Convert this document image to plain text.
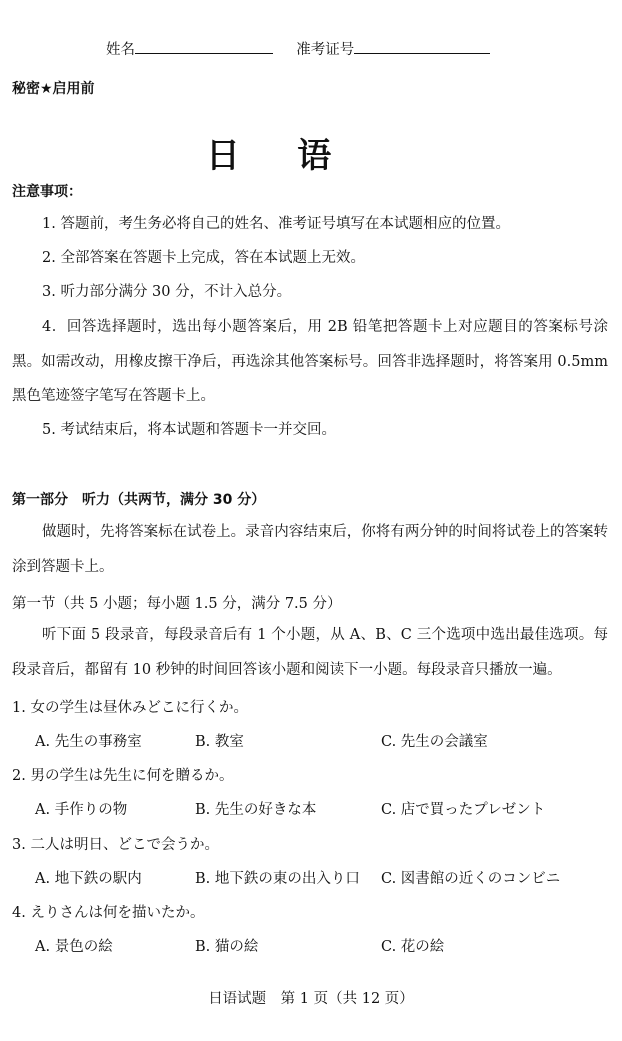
姓名	准考证号
秘密★启用前
日 语
注意事项：
1. 答题前，考生务必将自己的姓名、准考证号填写在本试题相应的位置。
2. 全部答案在答题卡上完成，答在本试题上无效。
3. 听力部分满分 30 分，不计入总分。
4．回答选择题时，选出每小题答案后，用 2B 铅笔把答题卡上对应题目的答案标号涂黑。如需改动，用橡皮擦干净后，再选涂其他答案标号。回答非选择题时，将答案用 0.5mm 黑色笔迹签字笔写在答题卡上。
5. 考试结束后，将本试题和答题卡一并交回。
第一部分　听力（共两节，满分 30 分）
做题时，先将答案标在试卷上。录音内容结束后，你将有两分钟的时间将试卷上的答案转涂到答题卡上。
第一节（共 5 小题；每小题 1.5 分，满分 7.5 分）
听下面 5 段录音，每段录音后有 1 个小题，从 A、B、C 三个选项中选出最佳选项。每段录音后，都留有 10 秒钟的时间回答该小题和阅读下一小题。每段录音只播放一遍。
1. 女の学生は昼休みどこに行くか。
A. 先生の事務室	B. 教室	C. 先生の会議室
2. 男の学生は先生に何を贈るか。
A. 手作りの物	B. 先生の好きな本	C. 店で買ったプレゼント
3. 二人は明日、どこで会うか。
A. 地下鉄の駅内	B. 地下鉄の東の出入り口 C. 図書館の近くのコンビニ
4. えりさんは何を描いたか。
A. 景色の絵	B. 猫の絵	C. 花の絵
日语试题　第 1 页（共 12 页）
